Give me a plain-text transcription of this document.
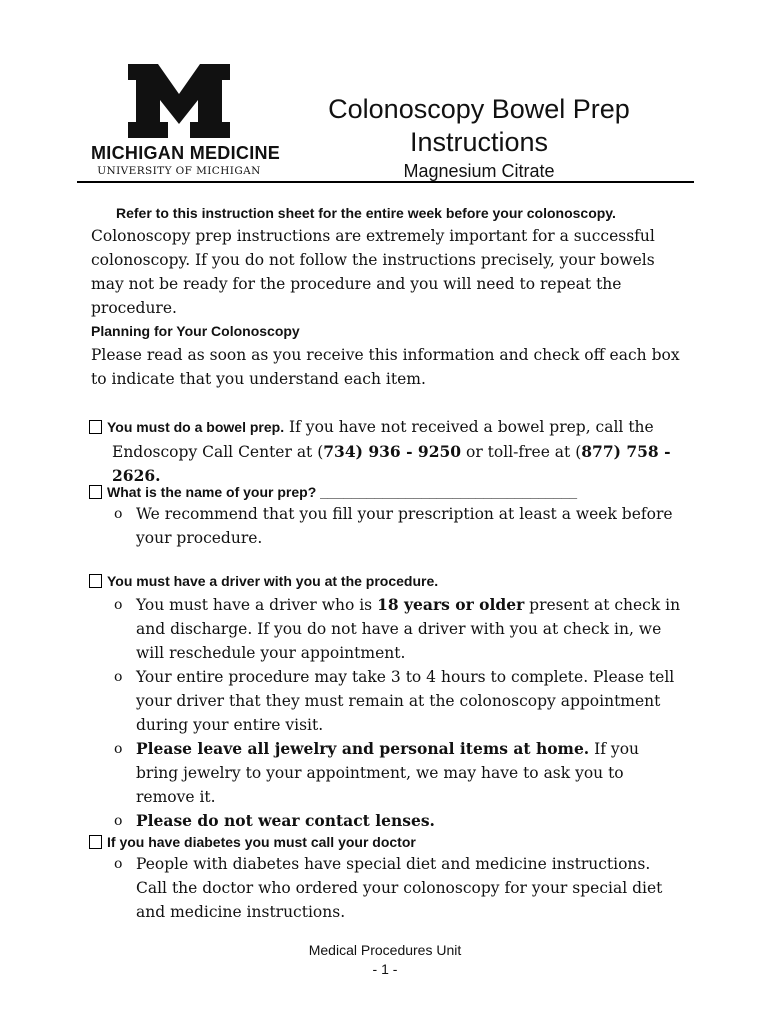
MICHIGAN MEDICINE
UNIVERSITY OF MICHIGAN
Colonoscopy Bowel Prep
Instructions
Magnesium Citrate
Refer to this instruction sheet for the entire week before your colonoscopy.
Colonoscopy prep instructions are extremely important for a successful colonoscopy. If you do not follow the instructions precisely, your bowels may not be ready for the procedure and you will need to repeat the procedure.
Planning for Your Colonoscopy
Please read as soon as you receive this information and check off each box to indicate that you understand each item.
You must do a bowel prep. If you have not received a bowel prep, call the
Endoscopy Call Center at (734) 936 - 9250 or toll-free at (877) 758 - 2626.
What is the name of your prep? _________________________________
o We recommend that you fill your prescription at least a week before your procedure.
You must have a driver with you at the procedure.
o You must have a driver who is 18 years or older present at check in and discharge. If you do not have a driver with you at check in, we will reschedule your appointment.
o Your entire procedure may take 3 to 4 hours to complete. Please tell your driver that they must remain at the colonoscopy appointment during your entire visit.
o Please leave all jewelry and personal items at home. If you bring jewelry to your appointment, we may have to ask you to remove it.
o Please do not wear contact lenses.
If you have diabetes you must call your doctor
o People with diabetes have special diet and medicine instructions. Call the doctor who ordered your colonoscopy for your special diet and medicine instructions.
Medical Procedures Unit
- 1 -
